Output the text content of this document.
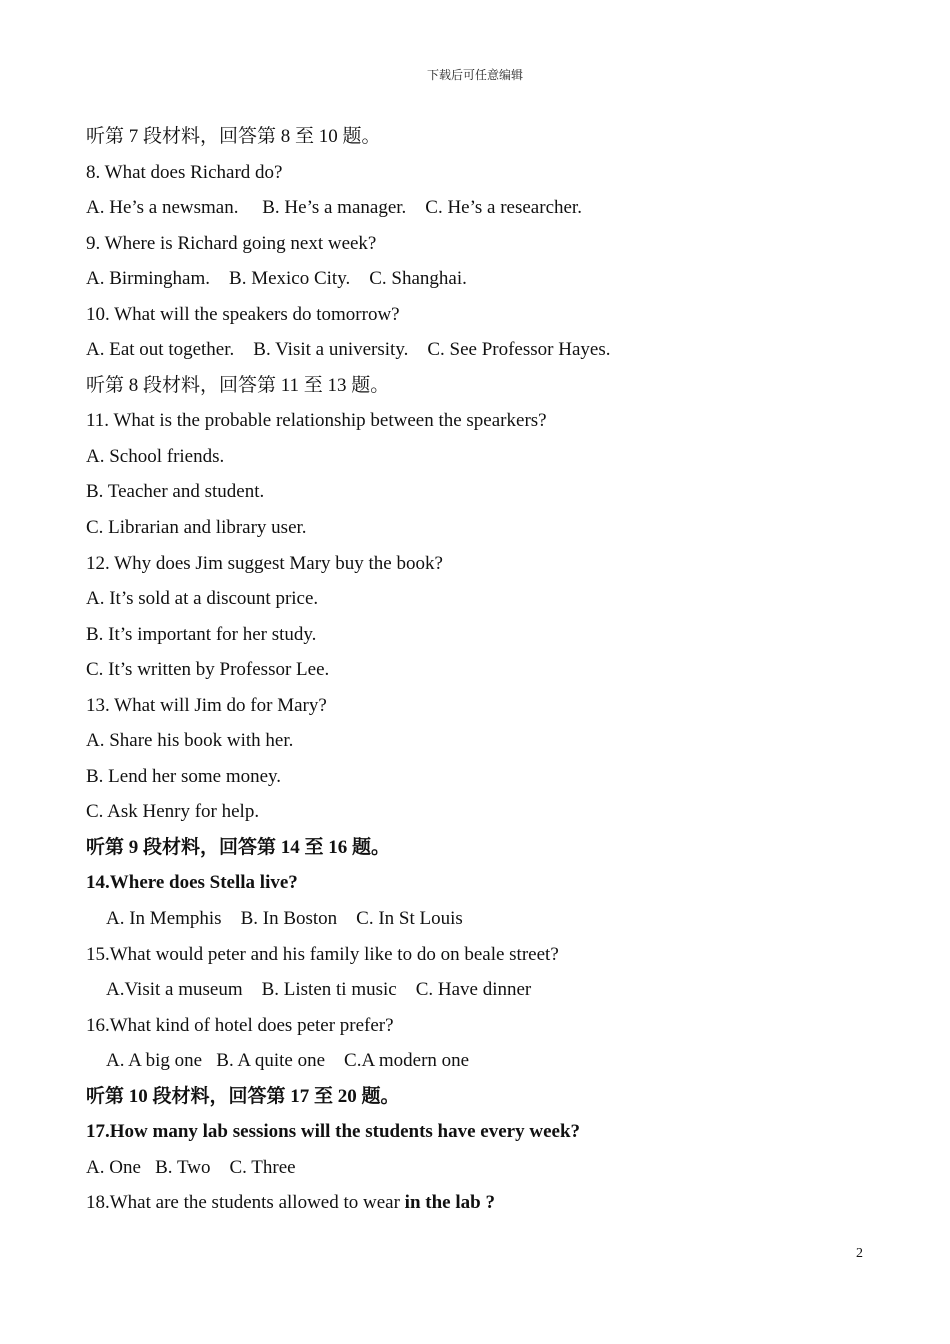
下载后可任意编辑
听第 7 段材料，回答第 8 至 10 题。
8. What does Richard do?
A. He’s a newsman.     B. He’s a manager.    C. He’s a researcher.
9. Where is Richard going next week?
A. Birmingham.    B. Mexico City.    C. Shanghai.
10. What will the speakers do tomorrow?
A. Eat out together.    B. Visit a university.    C. See Professor Hayes.
听第 8 段材料，回答第 11 至 13 题。
11. What is the probable relationship between the spearkers?
A. School friends.
B. Teacher and student.
C. Librarian and library user.
12. Why does Jim suggest Mary buy the book?
A. It’s sold at a discount price.
B. It’s important for her study.
C. It’s written by Professor Lee.
13. What will Jim do for Mary?
A. Share his book with her.
B. Lend her some money.
C. Ask Henry for help.
听第 9 段材料，回答第 14 至 16 题。
14.Where does Stella live?
A. In Memphis    B. In Boston    C. In St Louis
15.What would peter and his family like to do on beale street?
A.Visit a museum    B. Listen ti music    C. Have dinner
16.What kind of hotel does peter prefer?
A. A big one   B. A quite one    C.A modern one
听第 10 段材料，回答第 17 至 20 题。
17.How many lab sessions will the students have every week?
A. One   B. Two    C. Three
18.What are the students allowed to wear in the lab ?
2
